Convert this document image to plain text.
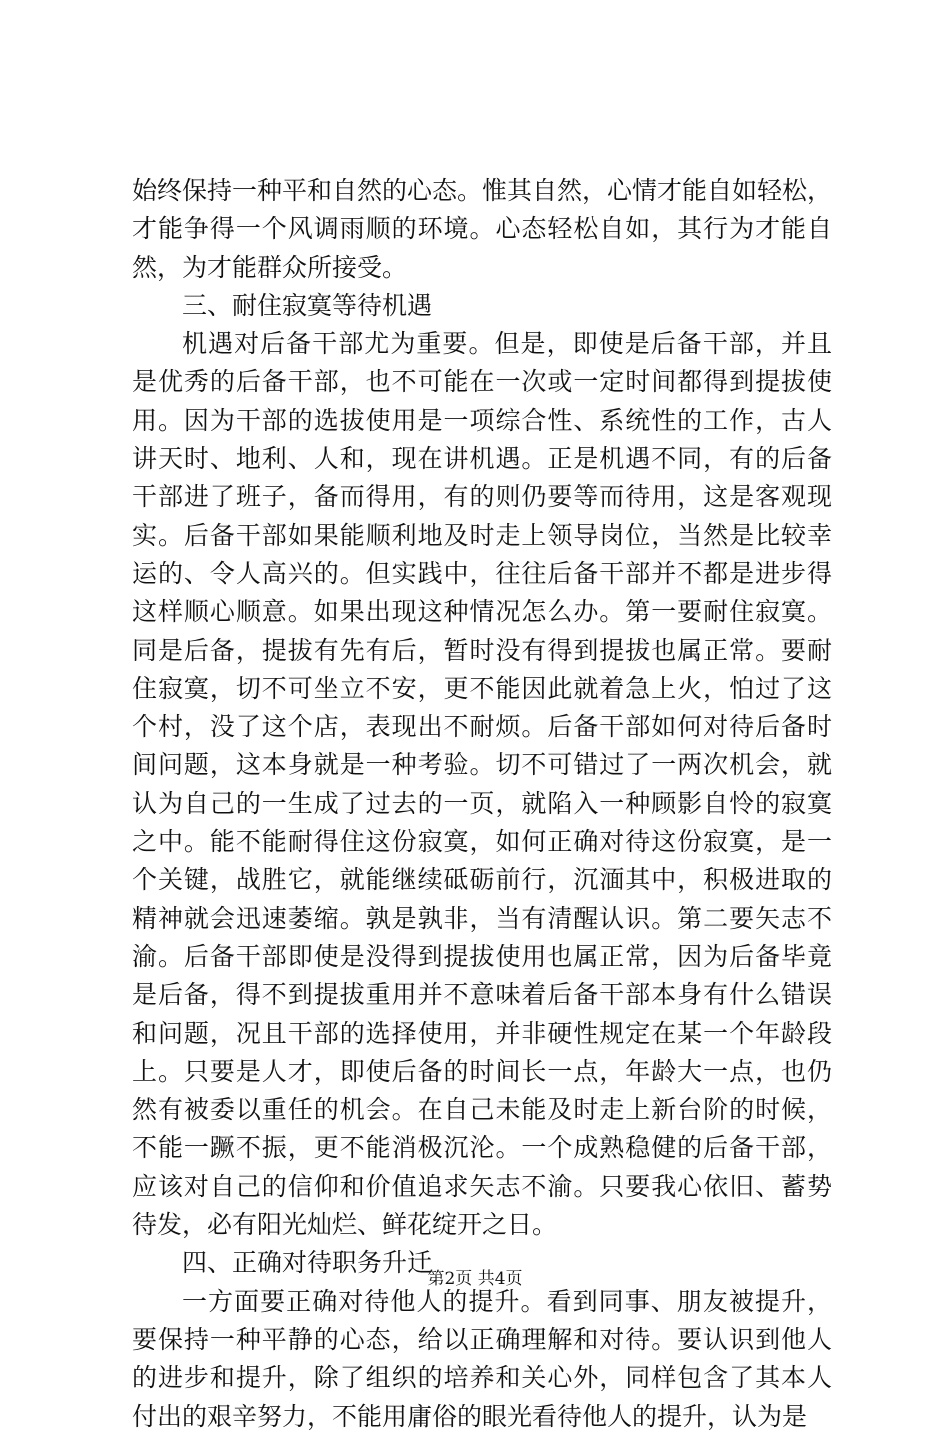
始终保持一种平和自然的心态。惟其自然，心情才能自如轻松，
才能争得一个风调雨顺的环境。心态轻松自如，其行为才能自
然，为才能群众所接受。
三、耐住寂寞等待机遇
机遇对后备干部尤为重要。但是，即使是后备干部，并且
是优秀的后备干部，也不可能在一次或一定时间都得到提拔使
用。因为干部的选拔使用是一项综合性、系统性的工作，古人
讲天时、地利、人和，现在讲机遇。正是机遇不同，有的后备
干部进了班子，备而得用，有的则仍要等而待用，这是客观现
实。后备干部如果能顺利地及时走上领导岗位，当然是比较幸
运的、令人高兴的。但实践中，往往后备干部并不都是进步得
这样顺心顺意。如果出现这种情况怎么办。第一要耐住寂寞。
同是后备，提拔有先有后，暂时没有得到提拔也属正常。要耐
住寂寞，切不可坐立不安，更不能因此就着急上火，怕过了这
个村，没了这个店，表现出不耐烦。后备干部如何对待后备时
间问题，这本身就是一种考验。切不可错过了一两次机会，就
认为自己的一生成了过去的一页，就陷入一种顾影自怜的寂寞
之中。能不能耐得住这份寂寞，如何正确对待这份寂寞，是一
个关键，战胜它，就能继续砥砺前行，沉湎其中，积极进取的
精神就会迅速萎缩。孰是孰非，当有清醒认识。第二要矢志不
渝。后备干部即使是没得到提拔使用也属正常，因为后备毕竟
是后备，得不到提拔重用并不意味着后备干部本身有什么错误
和问题，况且干部的选择使用，并非硬性规定在某一个年龄段
上。只要是人才，即使后备的时间长一点，年龄大一点，也仍
然有被委以重任的机会。在自己未能及时走上新台阶的时候，
不能一蹶不振，更不能消极沉沦。一个成熟稳健的后备干部，
应该对自己的信仰和价值追求矢志不渝。只要我心依旧、蓄势
待发，必有阳光灿烂、鲜花绽开之日。
四、正确对待职务升迁
一方面要正确对待他人的提升。看到同事、朋友被提升，
要保持一种平静的心态，给以正确理解和对待。要认识到他人
的进步和提升，除了组织的培养和关心外，同样包含了其本人
付出的艰辛努力，不能用庸俗的眼光看待他人的提升，认为是
第2页 共4页
